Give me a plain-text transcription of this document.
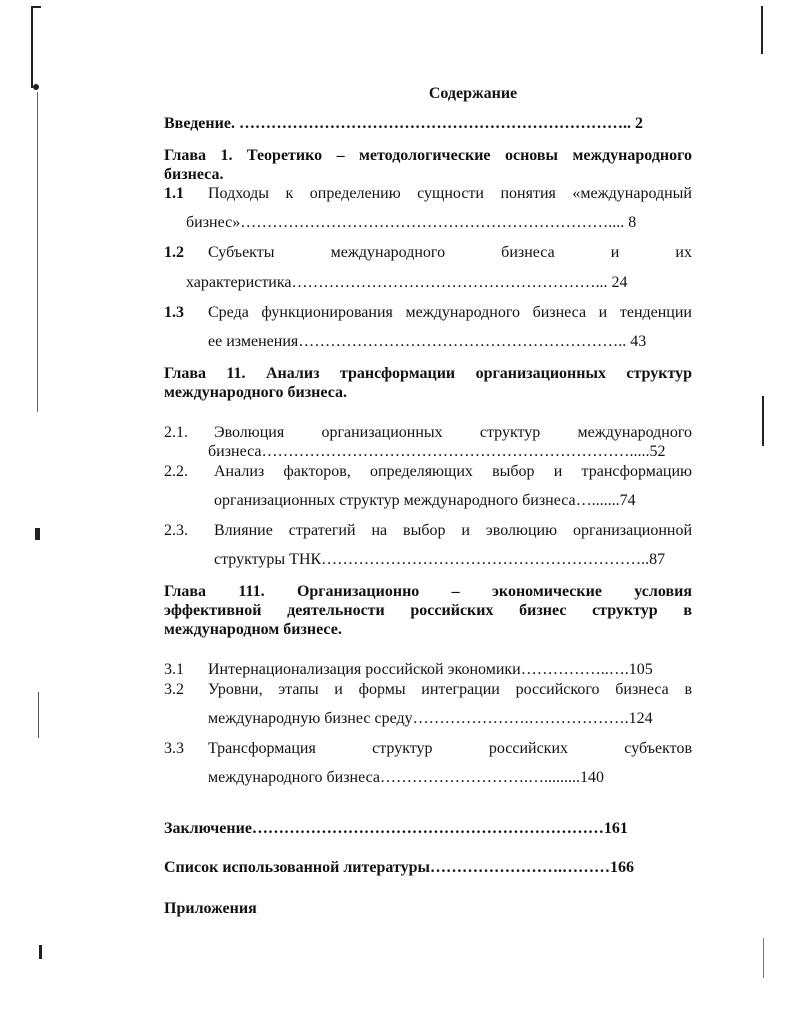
Содержание
Введение. ……………………………………………………………….. 2
Глава 1. Теоретико – методологические основы международного
бизнеса.
1.1 Подходы к определению сущности понятия «международный
бизнес»…………………………………………………………….... 8
1.2 Субъекты международного бизнеса и их
характеристика…………………………………………………... 24
1.3 Среда функционирования международного бизнеса и тенденции
ее изменения…………………………………………………….. 43
Глава 11. Анализ трансформации организационных структур
международного бизнеса.
2.1. Эволюция организационных структур международного
бизнеса…………………………………………………………….....52
2.2. Анализ факторов, определяющих выбор и трансформацию
организационных структур международного бизнеса….......74
2.3. Влияние стратегий на выбор и эволюцию организационной
структуры ТНК……………………………………………………..87
Глава 111. Организационно – экономические условия
эффективной деятельности российских бизнес структур в
международном бизнесе.
3.1 Интернационализация российской экономики……………..….105
3.2 Уровни, этапы и формы интеграции российского бизнеса в
международную бизнес среду………………….……………….124
3.3 Трансформация структур российских субъектов
международного бизнеса……………………….….........140
Заключение…………………………………………………………161
Список использованной литературы…………………….………166
Приложения
